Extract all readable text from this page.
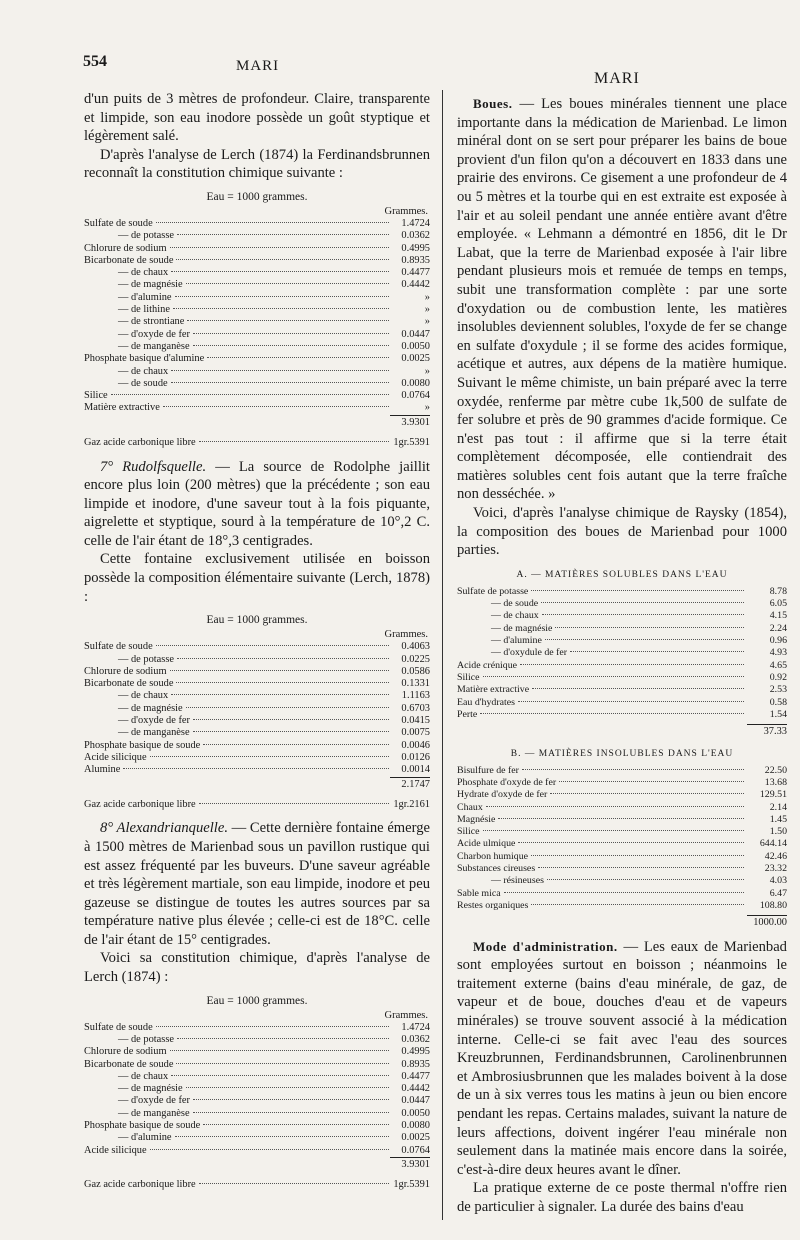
554	MARI
MARI

d'un puits de 3 mètres de profondeur. Claire, transparente et limpide, son eau inodore possède un goût styptique et légèrement salé.

D'après l'analyse de Lerch (1874) la Ferdinandsbrunnen reconnaît la constitution chimique suivante :

Eau = 1000 grammes.
Grammes.
Sulfate de soude	1.4724
— de potasse	0.0362
Chlorure de sodium	0.4995
Bicarbonate de soude	0.8935
— de chaux	0.4477
— de magnésie	0.4442
— d'alumine	»
— de lithine	»
— de strontiane	»
— d'oxyde de fer	0.0447
— de manganèse	0.0050
Phosphate basique d'alumine	0.0025
— de chaux	»
— de soude	0.0080
Silice	0.0764
Matière extractive	»
3.9301
Gaz acide carbonique libre	1gr.5391

7° Rudolfsquelle. — La source de Rodolphe jaillit encore plus loin (200 mètres) que la précédente ; son eau limpide et inodore, d'une saveur tout à la fois piquante, aigrelette et styptique, sourd à la température de 10°,2 C. celle de l'air étant de 18°,3 centigrades.

Cette fontaine exclusivement utilisée en boisson possède la composition élémentaire suivante (Lerch, 1878) :

Eau = 1000 grammes.
Grammes.
Sulfate de soude	0.4063
— de potasse	0.0225
Chlorure de sodium	0.0586
Bicarbonate de soude	0.1331
— de chaux	1.1163
— de magnésie	0.6703
— d'oxyde de fer	0.0415
— de manganèse	0.0075
Phosphate basique de soude	0.0046
Acide silicique	0.0126
Alumine	0.0014
2.1747
Gaz acide carbonique libre	1gr.2161

8° Alexandrianquelle. — Cette dernière fontaine émerge à 1500 mètres de Marienbad sous un pavillon rustique qui est assez fréquenté par les buveurs. D'une saveur agréable et très légèrement martiale, son eau limpide, inodore et peu gazeuse se distingue de toutes les autres sources par sa température native plus élevée ; celle-ci est de 18°C. celle de l'air étant de 15° centigrades.

Voici sa constitution chimique, d'après l'analyse de Lerch (1874) :

Eau = 1000 grammes.
Grammes.
Sulfate de soude	1.4724
— de potasse	0.0362
Chlorure de sodium	0.4995
Bicarbonate de soude	0.8935
— de chaux	0.4477
— de magnésie	0.4442
— d'oxyde de fer	0.0447
— de manganèse	0.0050
Phosphate basique de soude	0.0080
— d'alumine	0.0025
Acide silicique	0.0764
3.9301
Gaz acide carbonique libre	1gr.5391

Boues. — Les boues minérales tiennent une place importante dans la médication de Marienbad. Le limon minéral dont on se sert pour préparer les bains de boue provient d'un filon qu'on a découvert en 1833 dans une prairie des environs. Ce gisement a une profondeur de 4 ou 5 mètres et la tourbe qui en est extraite est exposée à l'air et au soleil pendant une année entière avant d'être employée. « Lehmann a démontré en 1856, dit le Dr Labat, que la terre de Marienbad exposée à l'air libre pendant plusieurs mois et remuée de temps en temps, subit une transformation complète : par une sorte d'oxydation ou de combustion lente, les matières insolubles deviennent solubles, l'oxyde de fer se change en sulfate d'oxydule ; il se forme des acides formique, acétique et autres, aux dépens de la matière humique. Suivant le même chimiste, un bain préparé avec la terre oxydée, renferme par mètre cube 1k,500 de sulfate de fer solubre et près de 90 grammes d'acide formique. Ce n'est pas tout : il affirme que si la terre était complètement décomposée, elle contiendrait des matières solubles cent fois autant que la terre fraîche non desséchée. »

Voici, d'après l'analyse chimique de Raysky (1854), la composition des boues de Marienbad pour 1000 parties.

A. — MATIÈRES SOLUBLES DANS L'EAU
Sulfate de potasse	8.78
— de soude	6.05
— de chaux	4.15
— de magnésie	2.24
— d'alumine	0.96
— d'oxydule de fer	4.93
Acide crénique	4.65
Silice	0.92
Matière extractive	2.53
Eau d'hydrates	0.58
Perte	1.54
37.33
B. — MATIÈRES INSOLUBLES DANS L'EAU
Bisulfure de fer	22.50
Phosphate d'oxyde de fer	13.68
Hydrate d'oxyde de fer	129.51
Chaux	2.14
Magnésie	1.45
Silice	1.50
Acide ulmique	644.14
Charbon humique	42.46
Substances cireuses	23.32
— résineuses	4.03
Sable mica	6.47
Restes organiques	108.80
1000.00

Mode d'administration. — Les eaux de Marienbad sont employées surtout en boisson ; néanmoins le traitement externe (bains d'eau minérale, de gaz, de vapeur et de boue, douches d'eau et de vapeurs minérales) se trouve souvent associé à la médication interne. Celle-ci se fait avec l'eau des sources Kreuzbrunnen, Ferdinandsbrunnen, Carolinenbrunnen et Ambrosiusbrunnen que les malades boivent à la dose de un à six verres tous les matins à jeun ou bien encore pendant les repas. Certains malades, suivant la nature de leurs affections, doivent ingérer l'eau minérale non seulement dans la matinée mais encore dans la soirée, c'est-à-dire deux heures avant le dîner.

La pratique externe de ce poste thermal n'offre rien de particulier à signaler. La durée des bains d'eau
